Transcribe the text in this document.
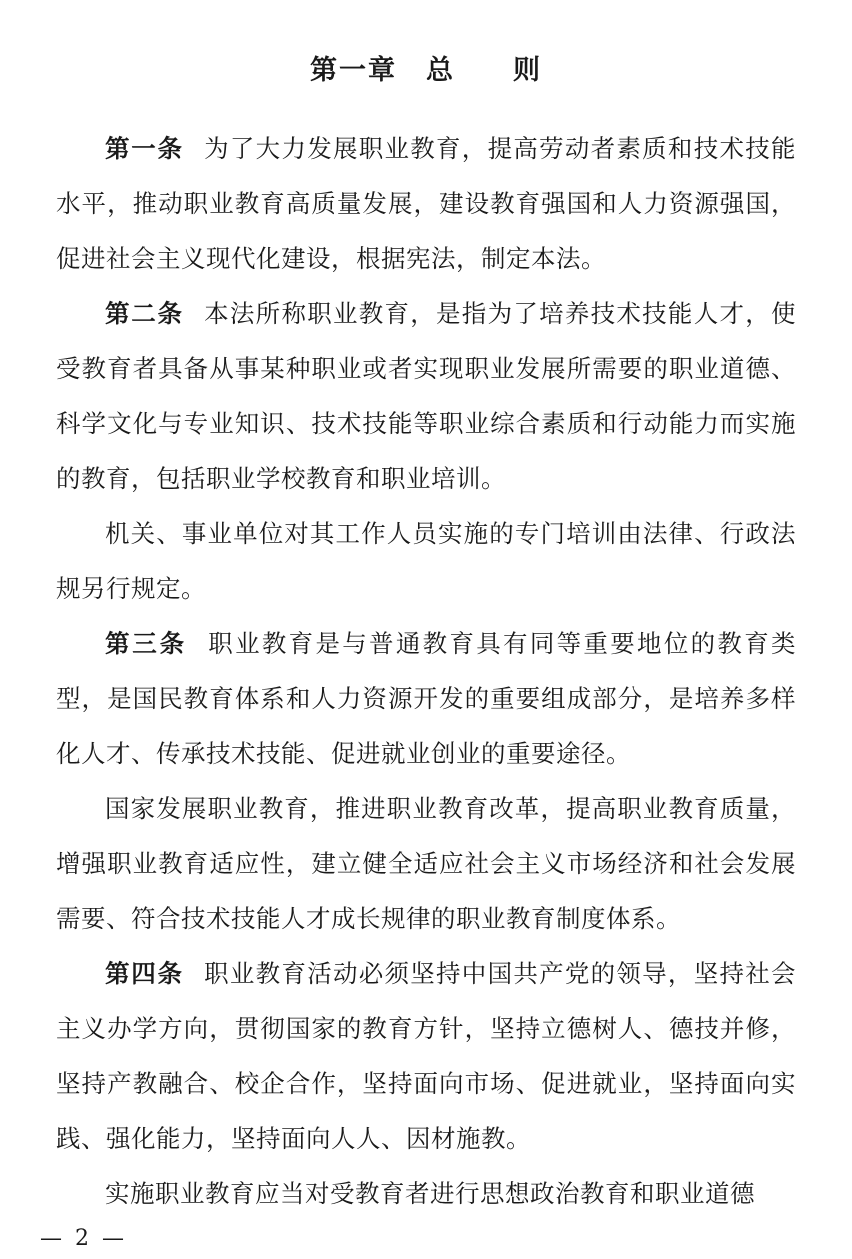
第一章　总　　则

第一条 为了大力发展职业教育，提高劳动者素质和技术技能水平，推动职业教育高质量发展，建设教育强国和人力资源强国，促进社会主义现代化建设，根据宪法，制定本法。

第二条 本法所称职业教育，是指为了培养技术技能人才，使受教育者具备从事某种职业或者实现职业发展所需要的职业道德、科学文化与专业知识、技术技能等职业综合素质和行动能力而实施的教育，包括职业学校教育和职业培训。

机关、事业单位对其工作人员实施的专门培训由法律、行政法规另行规定。

第三条 职业教育是与普通教育具有同等重要地位的教育类型，是国民教育体系和人力资源开发的重要组成部分，是培养多样化人才、传承技术技能、促进就业创业的重要途径。

国家发展职业教育，推进职业教育改革，提高职业教育质量，增强职业教育适应性，建立健全适应社会主义市场经济和社会发展需要、符合技术技能人才成长规律的职业教育制度体系。

第四条 职业教育活动必须坚持中国共产党的领导，坚持社会主义办学方向，贯彻国家的教育方针，坚持立德树人、德技并修，坚持产教融合、校企合作，坚持面向市场、促进就业，坚持面向实践、强化能力，坚持面向人人、因材施教。

实施职业教育应当对受教育者进行思想政治教育和职业道德

— 2 —
